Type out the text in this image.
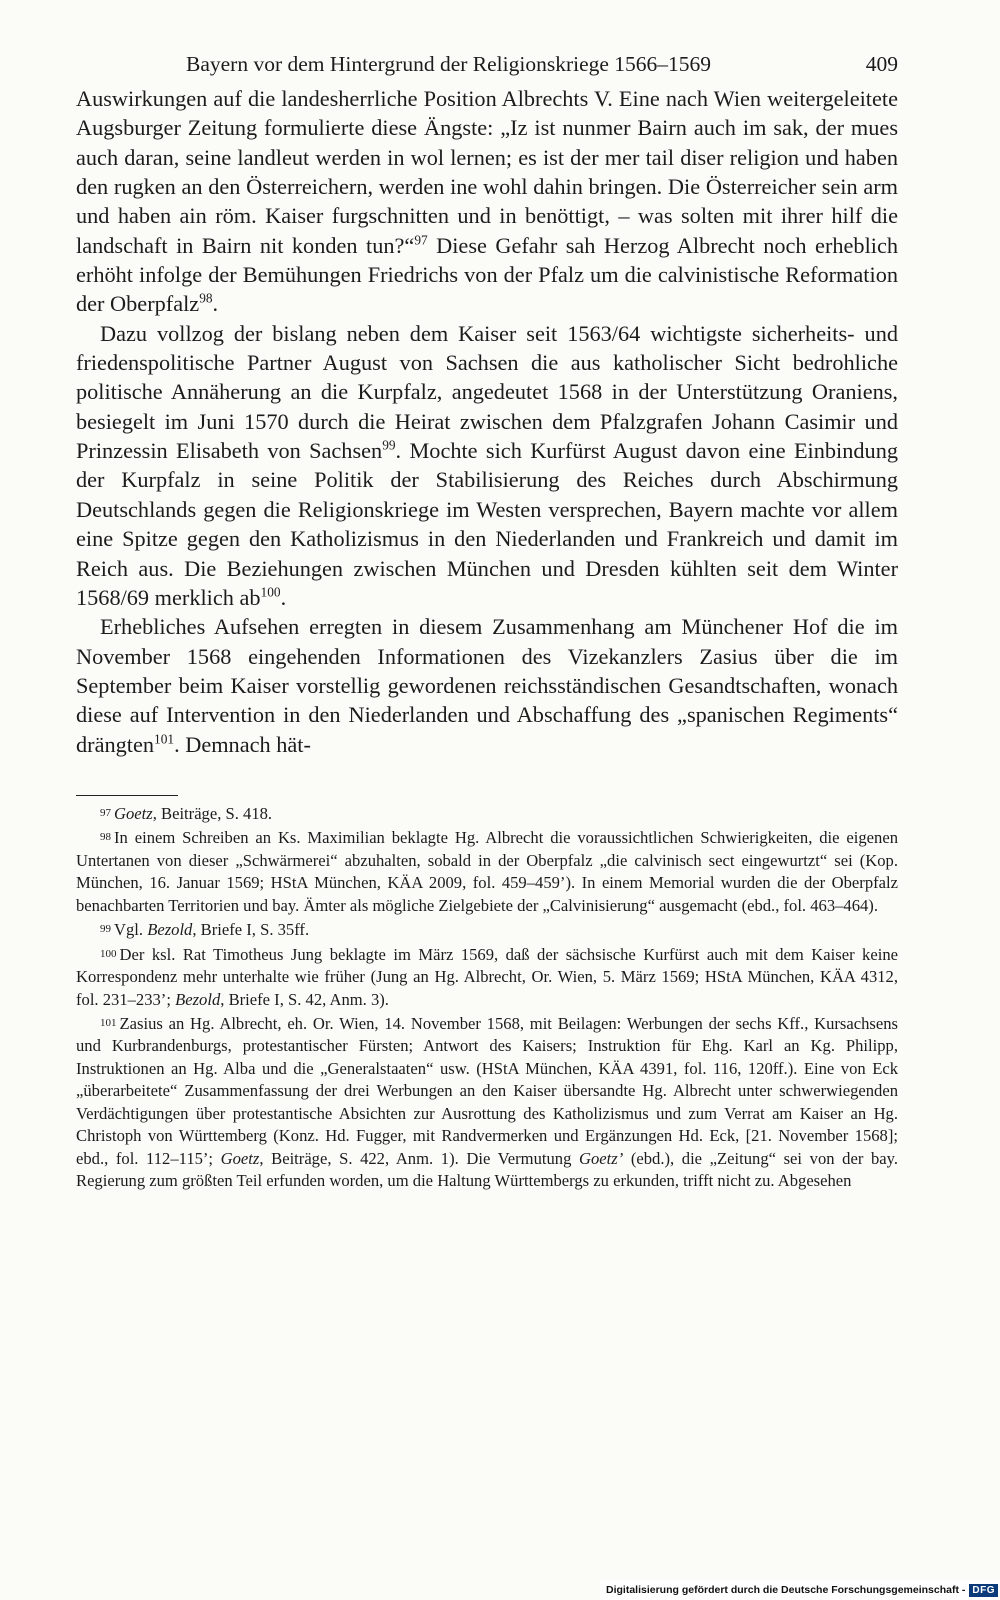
Bayern vor dem Hintergrund der Religionskriege 1566–1569	409

Auswirkungen auf die landesherrliche Position Albrechts V. Eine nach Wien weitergeleitete Augsburger Zeitung formulierte diese Ängste: „Iz ist nunmer Bairn auch im sak, der mues auch daran, seine landleut werden in wol lernen; es ist der mer tail diser religion und haben den rugken an den Österreichern, werden ine wohl dahin bringen. Die Österreicher sein arm und haben ain röm. Kaiser furgschnitten und in benöttigt, – was solten mit ihrer hilf die landschaft in Bairn nit konden tun?“$^{97}$ Diese Gefahr sah Herzog Albrecht noch erheblich erhöht infolge der Bemühungen Friedrichs von der Pfalz um die calvinistische Reformation der Oberpfalz$^{98}$.

Dazu vollzog der bislang neben dem Kaiser seit 1563/64 wichtigste sicherheits- und friedenspolitische Partner August von Sachsen die aus katholischer Sicht bedrohliche politische Annäherung an die Kurpfalz, angedeutet 1568 in der Unterstützung Oraniens, besiegelt im Juni 1570 durch die Heirat zwischen dem Pfalzgrafen Johann Casimir und Prinzessin Elisabeth von Sachsen$^{99}$. Mochte sich Kurfürst August davon eine Einbindung der Kurpfalz in seine Politik der Stabilisierung des Reiches durch Abschirmung Deutschlands gegen die Religionskriege im Westen versprechen, Bayern machte vor allem eine Spitze gegen den Katholizismus in den Niederlanden und Frankreich und damit im Reich aus. Die Beziehungen zwischen München und Dresden kühlten seit dem Winter 1568/69 merklich $ab^{100}$.

Erhebliches Aufsehen erregten in diesem Zusammenhang am Münchener Hof die im November 1568 eingehenden Informationen des Vizekanzlers Zasius über die im September beim Kaiser vorstellig gewordenen reichsständischen Gesandtschaften, wonach diese auf Intervention in den Niederlanden und Abschaffung des „spanischen Regiments“ drängten$^{101}$. Demnach hät-

97 Goetz, Beiträge, S. 418.

98 In einem Schreiben an Ks. Maximilian beklagte Hg. Albrecht die voraussichtlichen Schwierigkeiten, die eigenen Untertanen von dieser „Schwärmerei“ abzuhalten, sobald in der Oberpfalz „die calvinisch sect eingewurtzt“ sei (Kop. München, 16. Januar 1569; HStA München, KÄA 2009, fol. 459–459’). In einem Memorial wurden die der Oberpfalz benachbarten Territorien und bay. Ämter als mögliche Zielgebiete der „Calvinisierung“ ausgemacht (ebd., fol. 463–464).

99 Vgl. Bezold, Briefe I, S. 35ff.

100 Der ksl. Rat Timotheus Jung beklagte im März 1569, daß der sächsische Kurfürst auch mit dem Kaiser keine Korrespondenz mehr unterhalte wie früher (Jung an Hg. Albrecht, Or. Wien, 5. März 1569; HStA München, KÄA 4312, fol. 231–233’; Bezold, Briefe I, S. 42, Anm. 3).

101 Zasius an Hg. Albrecht, eh. Or. Wien, 14. November 1568, mit Beilagen: Werbungen der sechs Kff., Kursachsens und Kurbrandenburgs, protestantischer Fürsten; Antwort des Kaisers; Instruktion für Ehg. Karl an Kg. Philipp, Instruktionen an Hg. Alba und die „Generalstaaten“ usw. (HStA München, KÄA 4391, fol. 116, 120ff.). Eine von Eck „überarbeitete“ Zusammenfassung der drei Werbungen an den Kaiser übersandte Hg. Albrecht unter schwerwiegenden Verdächtigungen über protestantische Absichten zur Ausrottung des Katholizismus und zum Verrat am Kaiser an Hg. Christoph von Württemberg (Konz. Hd. Fugger, mit Randvermerken und Ergänzungen Hd. Eck, [21. November 1568]; ebd., fol. 112–115’; Goetz, Beiträge, S. 422, Anm. 1). Die Vermutung Goetz’ (ebd.), die „Zeitung“ sei von der bay. Regierung zum größten Teil erfunden worden, um die Haltung Württembergs zu erkunden, trifft nicht zu. Abgesehen

Digitalisierung gefördert durch die Deutsche Forschungsgemeinschaft - DFG
